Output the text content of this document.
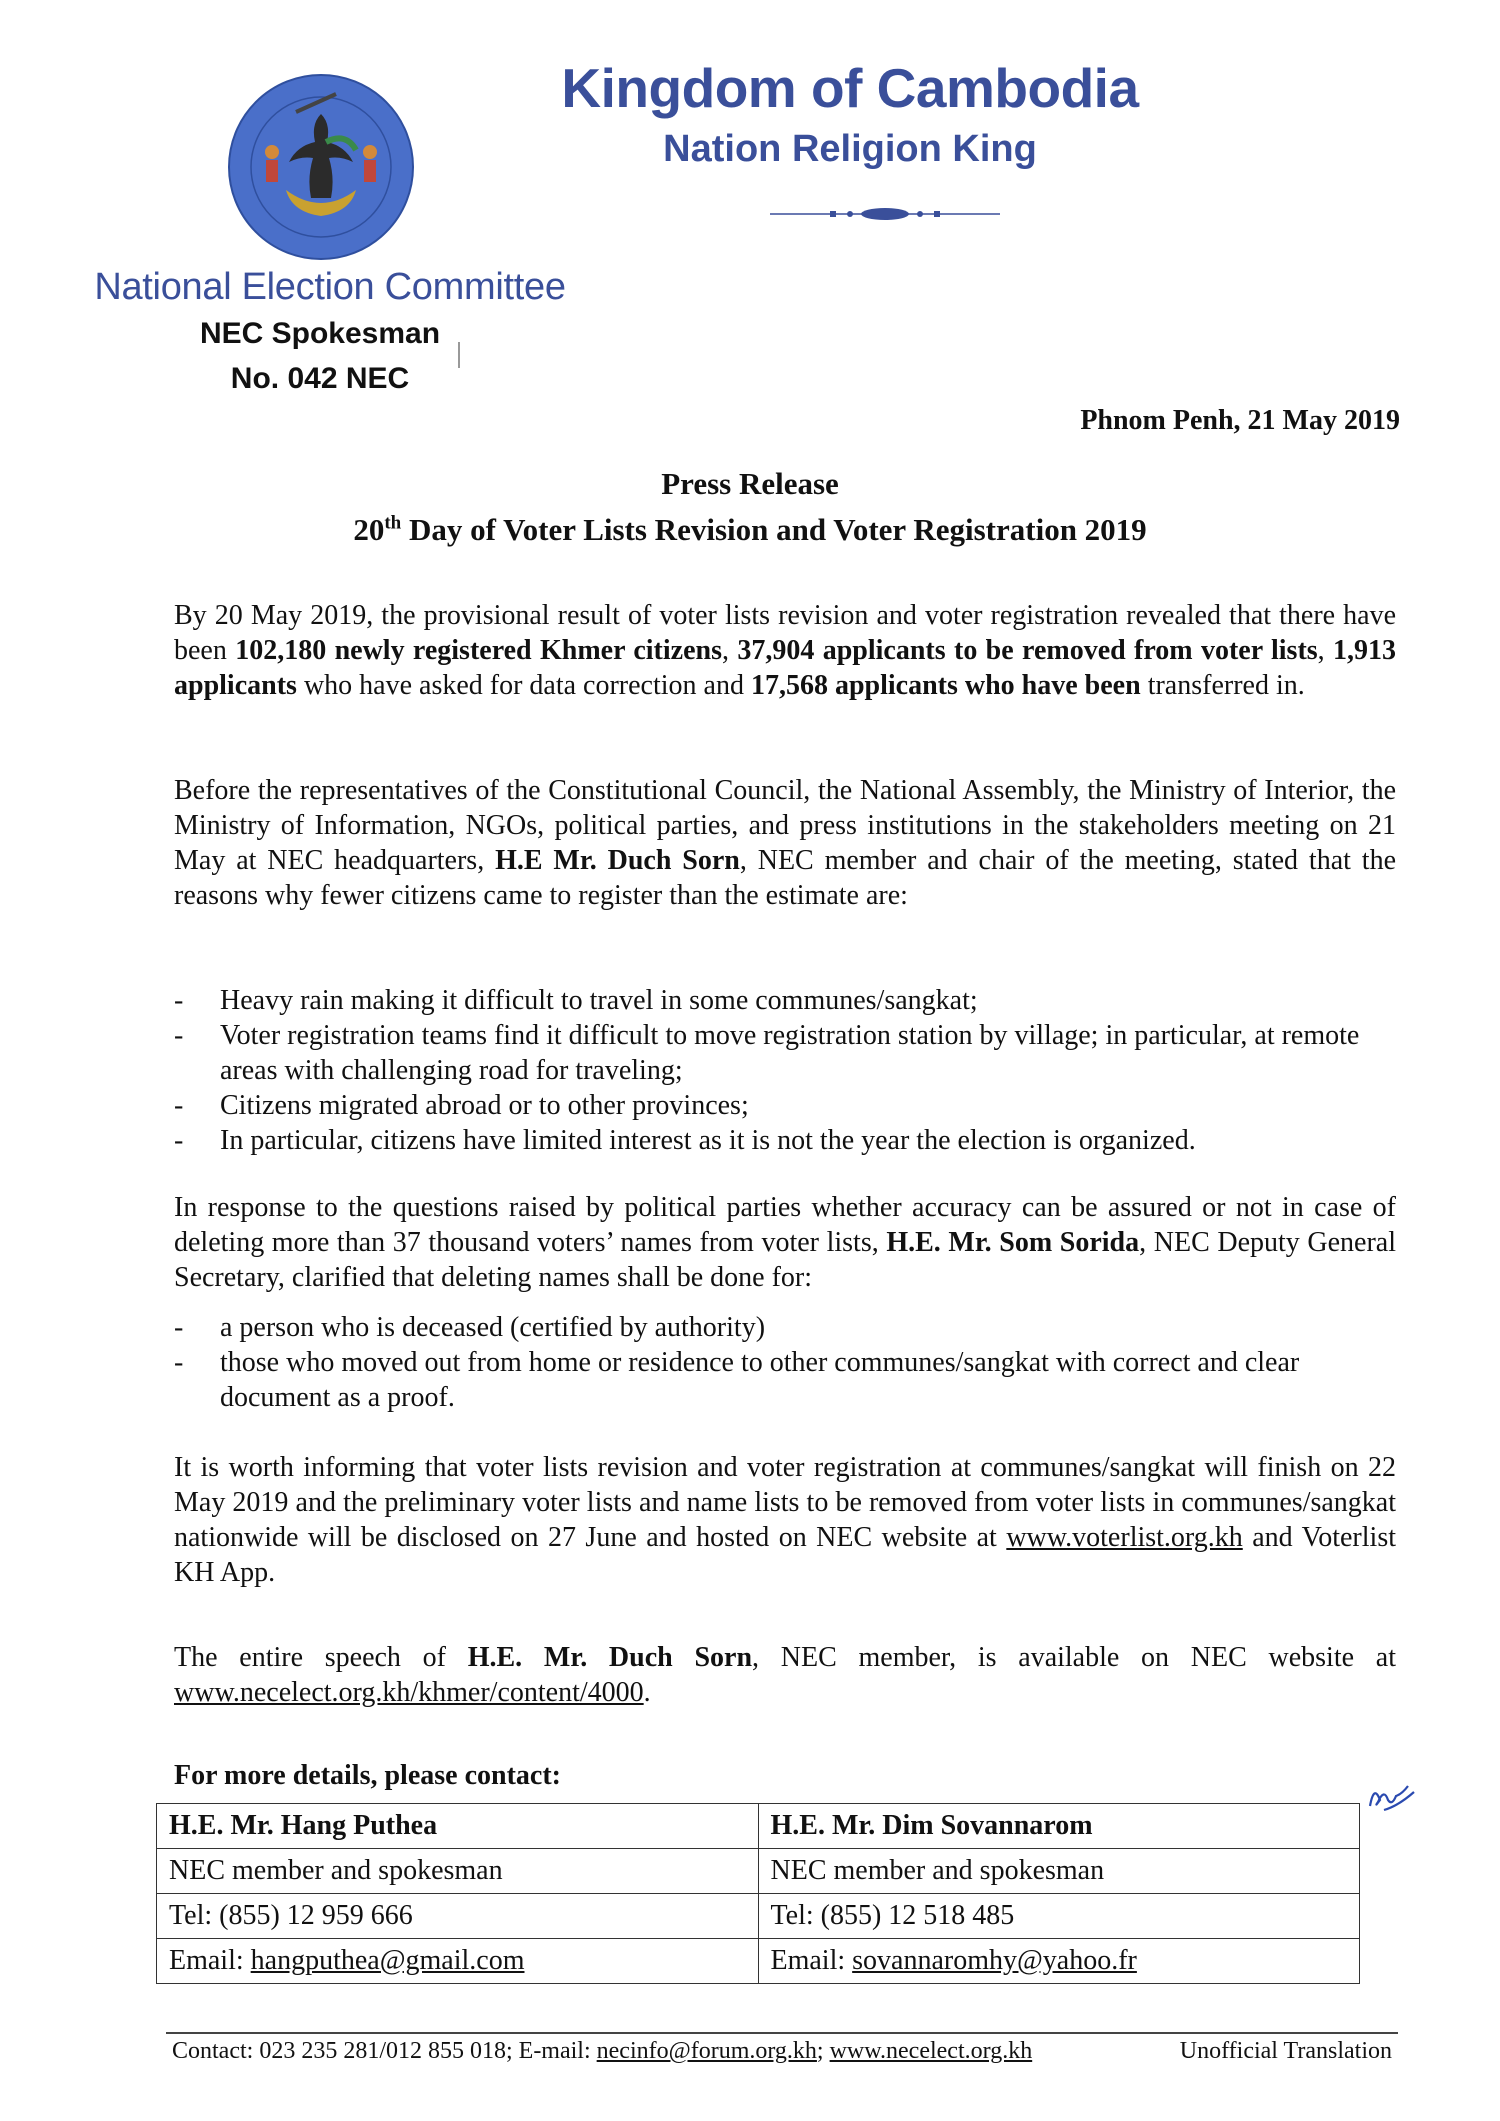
Kingdom of Cambodia
Nation Religion King
National Election Committee
NEC Spokesman
No. 042 NEC
Phnom Penh, 21 May 2019
Press Release
20th Day of Voter Lists Revision and Voter Registration 2019
By 20 May 2019, the provisional result of voter lists revision and voter registration revealed that there have been 102,180 newly registered Khmer citizens, 37,904 applicants to be removed from voter lists, 1,913 applicants who have asked for data correction and 17,568 applicants who have been transferred in.
Before the representatives of the Constitutional Council, the National Assembly, the Ministry of Interior, the Ministry of Information, NGOs, political parties, and press institutions in the stakeholders meeting on 21 May at NEC headquarters, H.E Mr. Duch Sorn, NEC member and chair of the meeting, stated that the reasons why fewer citizens came to register than the estimate are:
- Heavy rain making it difficult to travel in some communes/sangkat;
- Voter registration teams find it difficult to move registration station by village; in particular, at remote areas with challenging road for traveling;
- Citizens migrated abroad or to other provinces;
- In particular, citizens have limited interest as it is not the year the election is organized.
In response to the questions raised by political parties whether accuracy can be assured or not in case of deleting more than 37 thousand voters’ names from voter lists, H.E. Mr. Som Sorida, NEC Deputy General Secretary, clarified that deleting names shall be done for:
- a person who is deceased (certified by authority)
- those who moved out from home or residence to other communes/sangkat with correct and clear document as a proof.
It is worth informing that voter lists revision and voter registration at communes/sangkat will finish on 22 May 2019 and the preliminary voter lists and name lists to be removed from voter lists in communes/sangkat nationwide will be disclosed on 27 June and hosted on NEC website at www.voterlist.org.kh and Voterlist KH App.
The entire speech of H.E. Mr. Duch Sorn, NEC member, is available on NEC website at www.necelect.org.kh/khmer/content/4000.
For more details, please contact:
H.E. Mr. Hang Puthea	H.E. Mr. Dim Sovannarom
NEC member and spokesman	NEC member and spokesman
Tel: (855) 12 959 666	Tel: (855) 12 518 485
Email: hangputhea@gmail.com	Email: sovannaromhy@yahoo.fr
Contact: 023 235 281/012 855 018; E-mail: necinfo@forum.org.kh; www.necelect.org.kh	Unofficial Translation
